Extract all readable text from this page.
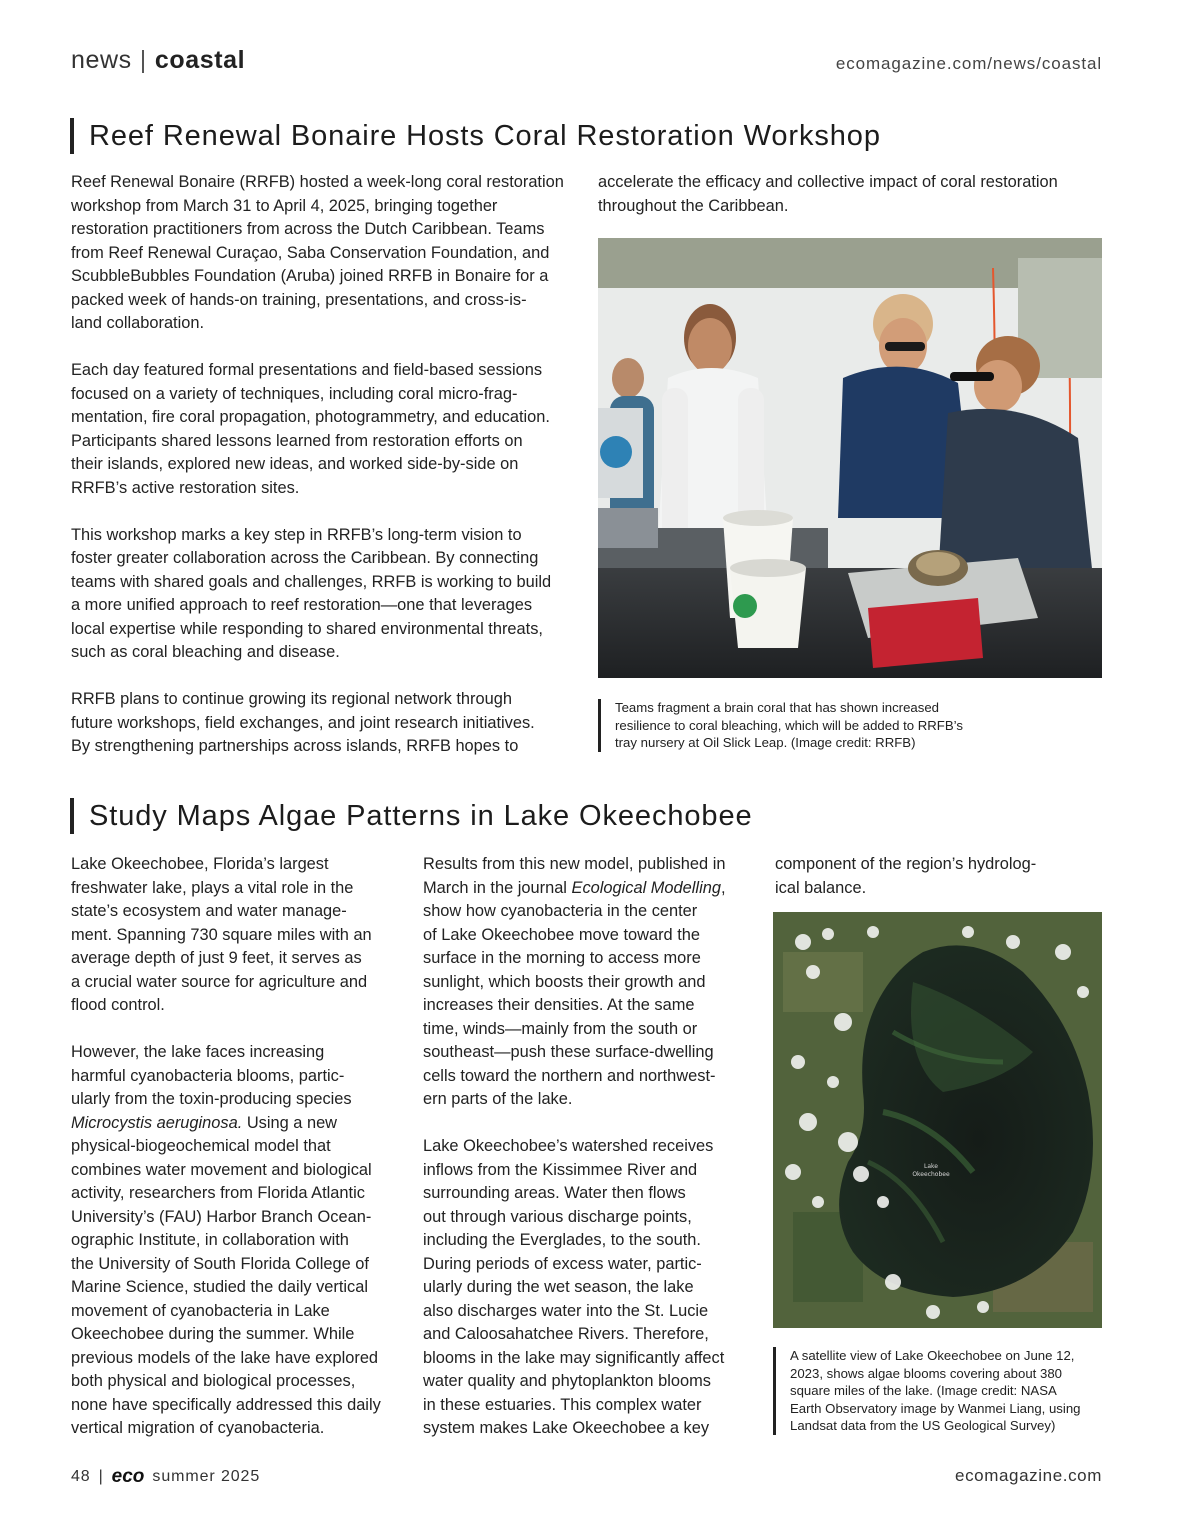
news | coastal	ecomagazine.com/news/coastal
Reef Renewal Bonaire Hosts Coral Restoration Workshop

Reef Renewal Bonaire (RRFB) hosted a week-long coral restoration
workshop from March 31 to April 4, 2025, bringing together
restoration practitioners from across the Dutch Caribbean. Teams
from Reef Renewal Curaçao, Saba Conservation Foundation, and
ScubbleBubbles Foundation (Aruba) joined RRFB in Bonaire for a
packed week of hands-on training, presentations, and cross-is-
land collaboration.

Each day featured formal presentations and field-based sessions
focused on a variety of techniques, including coral micro-frag-
mentation, fire coral propagation, photogrammetry, and education.
Participants shared lessons learned from restoration efforts on
their islands, explored new ideas, and worked side-by-side on
RRFB’s active restoration sites.

This workshop marks a key step in RRFB’s long-term vision to
foster greater collaboration across the Caribbean. By connecting
teams with shared goals and challenges, RRFB is working to build
a more unified approach to reef restoration—one that leverages
local expertise while responding to shared environmental threats,
such as coral bleaching and disease.

RRFB plans to continue growing its regional network through
future workshops, field exchanges, and joint research initiatives.
By strengthening partnerships across islands, RRFB hopes to

accelerate the efficacy and collective impact of coral restoration
throughout the Caribbean.
Teams fragment a brain coral that has shown increased
resilience to coral bleaching, which will be added to RRFB’s
tray nursery at Oil Slick Leap. (Image credit: RRFB)
Study Maps Algae Patterns in Lake Okeechobee

Lake Okeechobee, Florida’s largest
freshwater lake, plays a vital role in the
state’s ecosystem and water manage-
ment. Spanning 730 square miles with an
average depth of just 9 feet, it serves as
a crucial water source for agriculture and
flood control.

However, the lake faces increasing
harmful cyanobacteria blooms, partic-
ularly from the toxin-producing species
Microcystis aeruginosa. Using a new
physical-biogeochemical model that
combines water movement and biological
activity, researchers from Florida Atlantic
University’s (FAU) Harbor Branch Ocean-
ographic Institute, in collaboration with
the University of South Florida College of
Marine Science, studied the daily vertical
movement of cyanobacteria in Lake
Okeechobee during the summer. While
previous models of the lake have explored
both physical and biological processes,
none have specifically addressed this daily
vertical migration of cyanobacteria.

Results from this new model, published in
March in the journal Ecological Modelling,
show how cyanobacteria in the center
of Lake Okeechobee move toward the
surface in the morning to access more
sunlight, which boosts their growth and
increases their densities. At the same
time, winds—mainly from the south or
southeast—push these surface-dwelling
cells toward the northern and northwest-
ern parts of the lake.

Lake Okeechobee’s watershed receives
inflows from the Kissimmee River and
surrounding areas. Water then flows
out through various discharge points,
including the Everglades, to the south.
During periods of excess water, partic-
ularly during the wet season, the lake
also discharges water into the St. Lucie
and Caloosahatchee Rivers. Therefore,
blooms in the lake may significantly affect
water quality and phytoplankton blooms
in these estuaries. This complex water
system makes Lake Okeechobee a key

component of the region’s hydrolog-
ical balance.
Lake
Okeechobee
A satellite view of Lake Okeechobee on June 12,
2023, shows algae blooms covering about 380
square miles of the lake. (Image credit: NASA
Earth Observatory image by Wanmei Liang, using
Landsat data from the US Geological Survey)
48 | eco summer 2025	ecomagazine.com
